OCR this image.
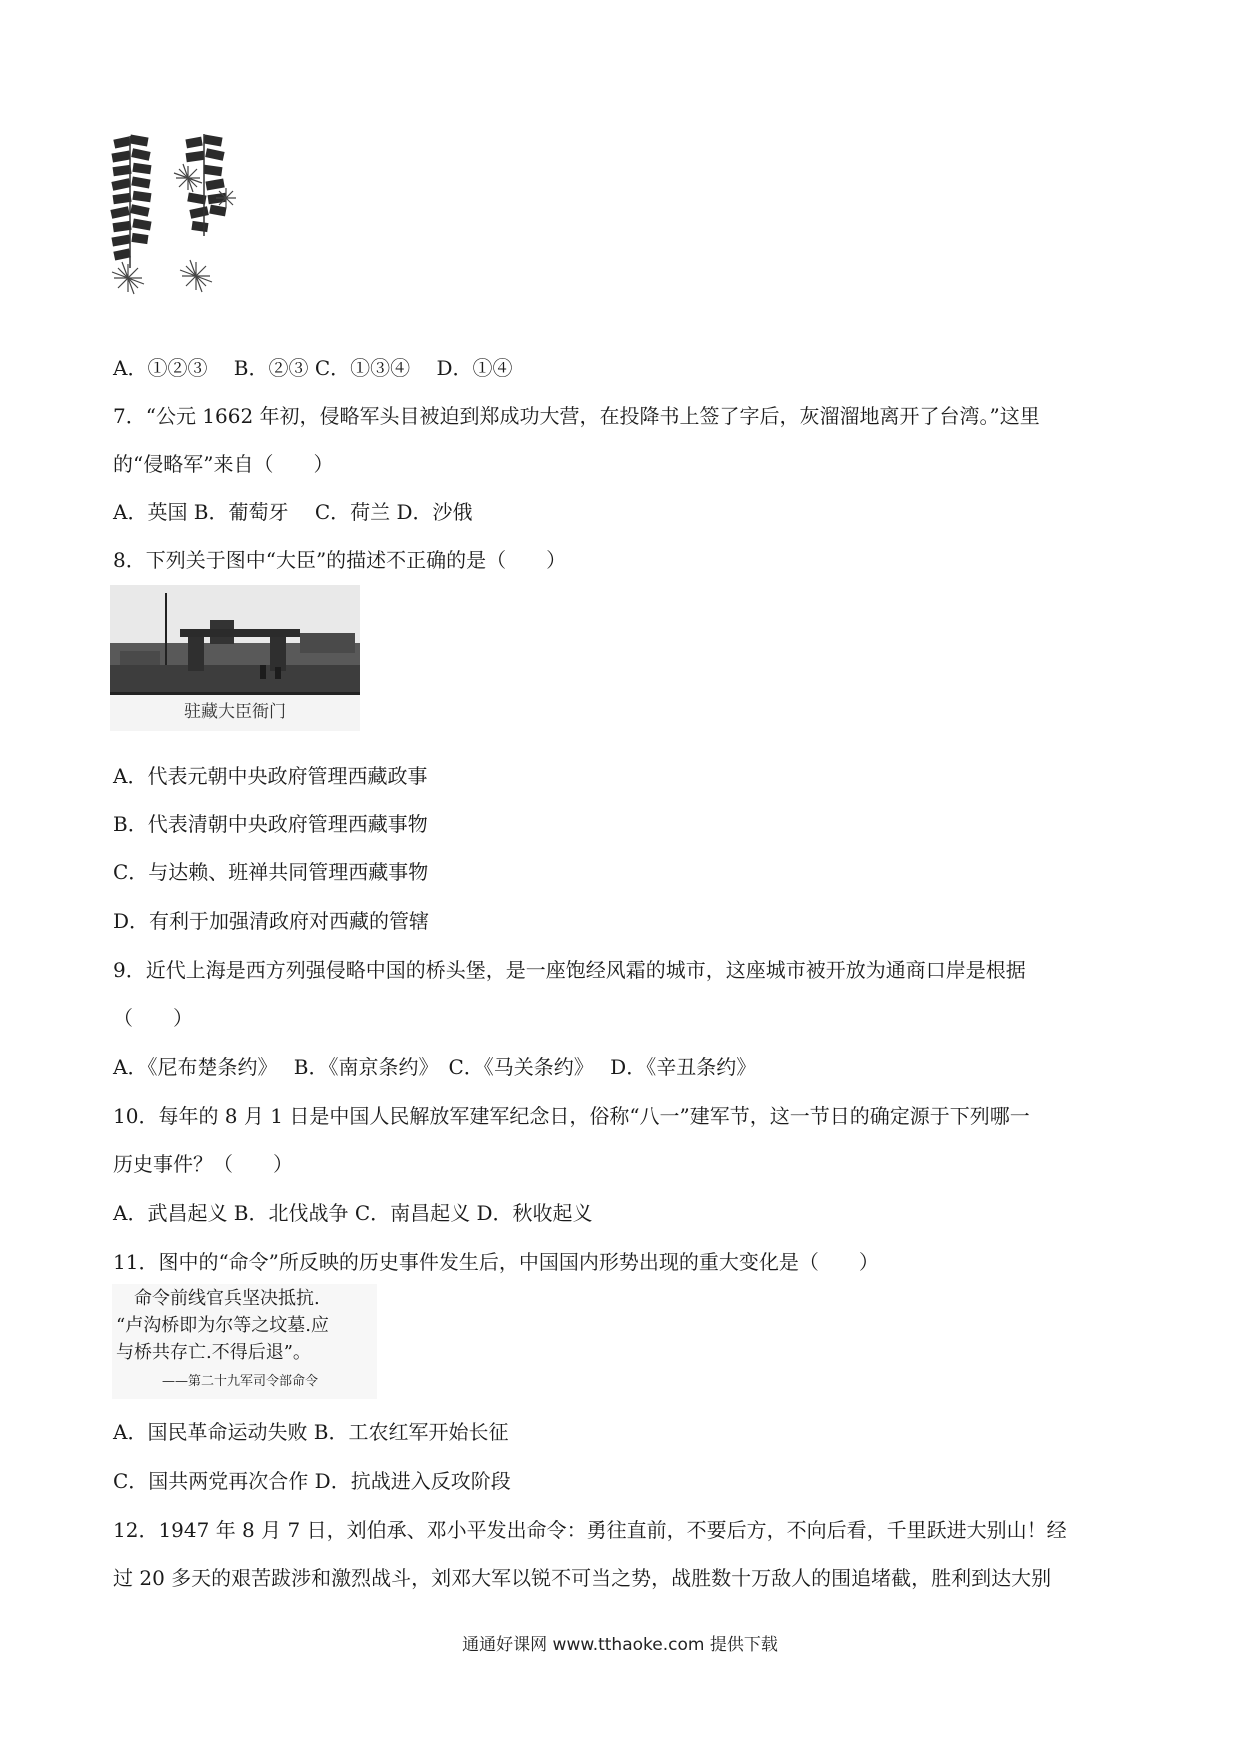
A．①②③　 B．②③ C．①③④　 D．①④
7．“公元 1662 年初，侵略军头目被迫到郑成功大营，在投降书上签了字后，灰溜溜地离开了台湾。”这里
的“侵略军”来自（　　）
A．英国 B．葡萄牙　 C．荷兰 D．沙俄
8．下列关于图中“大臣”的描述不正确的是（　　）
驻藏大臣衙门
A．代表元朝中央政府管理西藏政事
B．代表清朝中央政府管理西藏事物
C．与达赖、班禅共同管理西藏事物
D．有利于加强清政府对西藏的管辖
9．近代上海是西方列强侵略中国的桥头堡，是一座饱经风霜的城市，这座城市被开放为通商口岸是根据
（　　）
A．《尼布楚条约》　 B．《南京条约》　C．《马关条约》　 D．《辛丑条约》
10．每年的 8 月 1 日是中国人民解放军建军纪念日，俗称“八一”建军节，这一节日的确定源于下列哪一
历史事件？（　　）
A．武昌起义 B．北伐战争 C．南昌起义 D．秋收起义
11．图中的“命令”所反映的历史事件发生后，中国国内形势出现的重大变化是（　　）
命令前线官兵坚决抵抗.
“卢沟桥即为尔等之坟墓.应
与桥共存亡.不得后退”。
——第二十九军司令部命令
A．国民革命运动失败 B．工农红军开始长征
C．国共两党再次合作 D．抗战进入反攻阶段
12．1947 年 8 月 7 日，刘伯承、邓小平发出命令：勇往直前，不要后方，不向后看，千里跃进大别山！经
过 20 多天的艰苦跋涉和激烈战斗，刘邓大军以锐不可当之势，战胜数十万敌人的围追堵截，胜利到达大别
通通好课网 www.tthaoke.com 提供下载
